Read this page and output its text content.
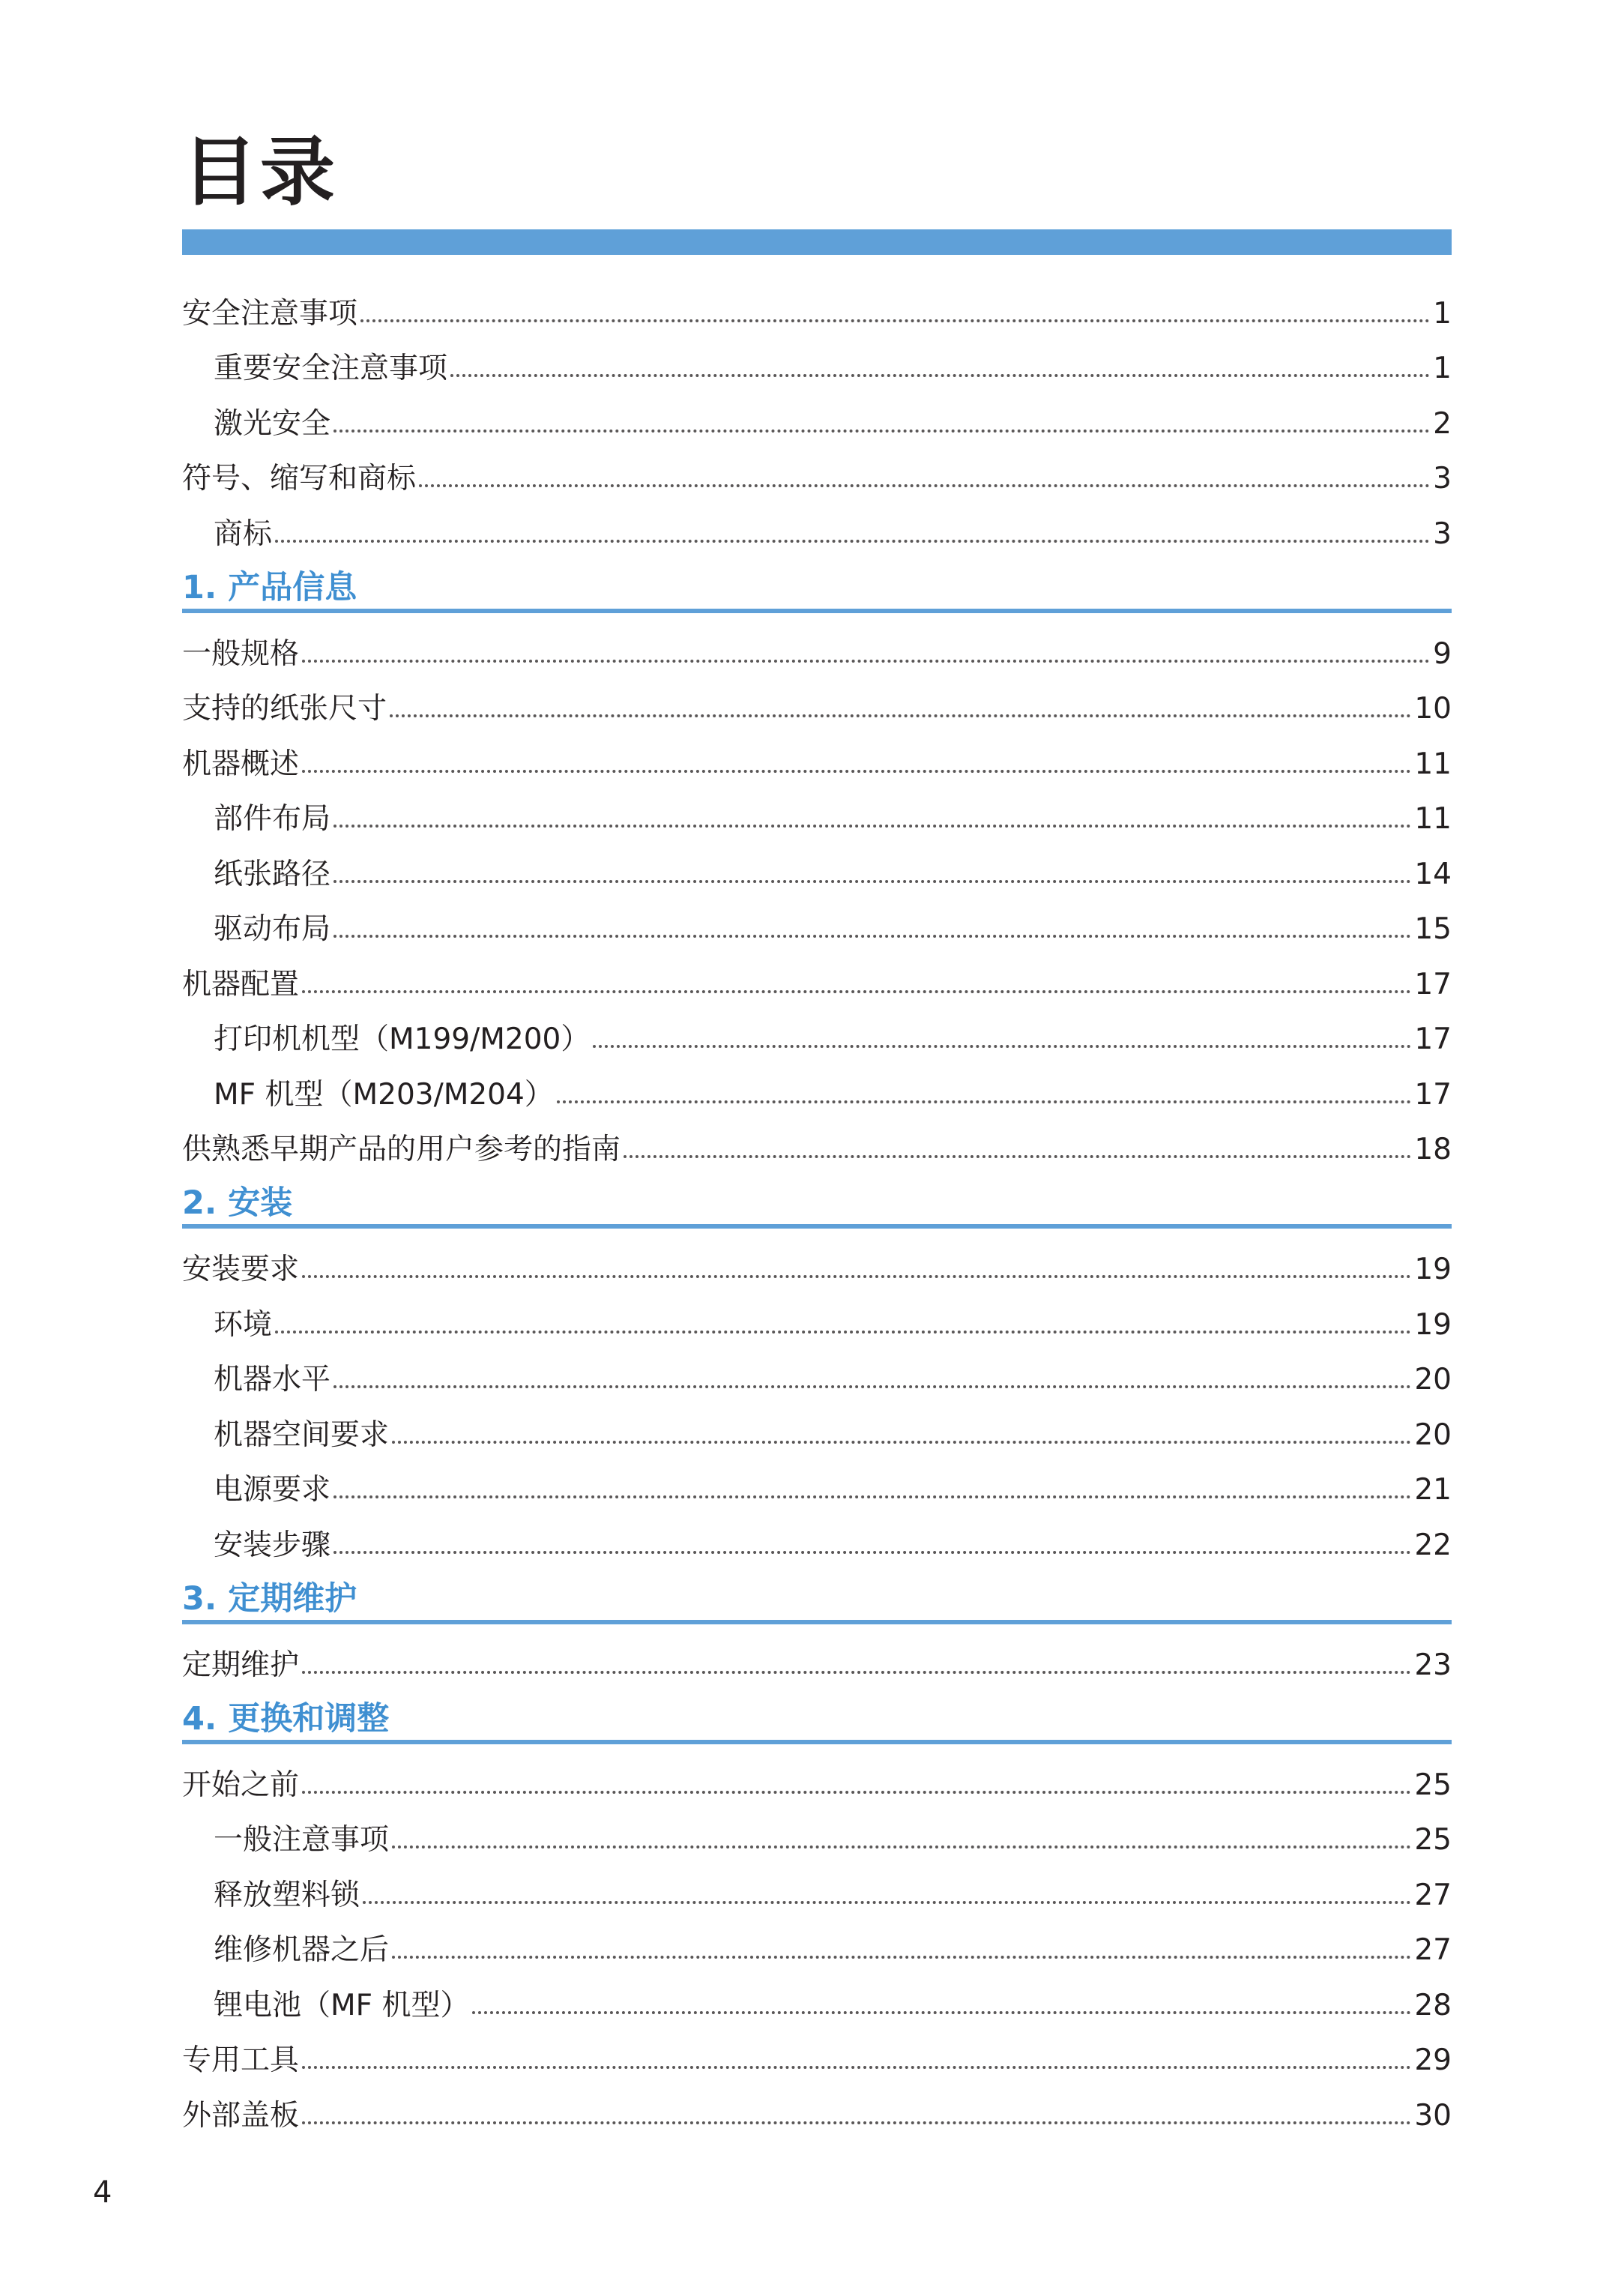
目录
安全注意事项	1
重要安全注意事项	1
激光安全	2
符号、缩写和商标	3
商标	3
1. 产品信息
一般规格	9
支持的纸张尺寸	10
机器概述	11
部件布局	11
纸张路径	14
驱动布局	15
机器配置	17
打印机机型（M199/M200）	17
MF 机型（M203/M204）	17
供熟悉早期产品的用户参考的指南	18
2. 安装
安装要求	19
环境	19
机器水平	20
机器空间要求	20
电源要求	21
安装步骤	22
3. 定期维护
定期维护	23
4. 更换和调整
开始之前	25
一般注意事项	25
释放塑料锁	27
维修机器之后	27
锂电池（MF 机型）	28
专用工具	29
外部盖板	30
4
